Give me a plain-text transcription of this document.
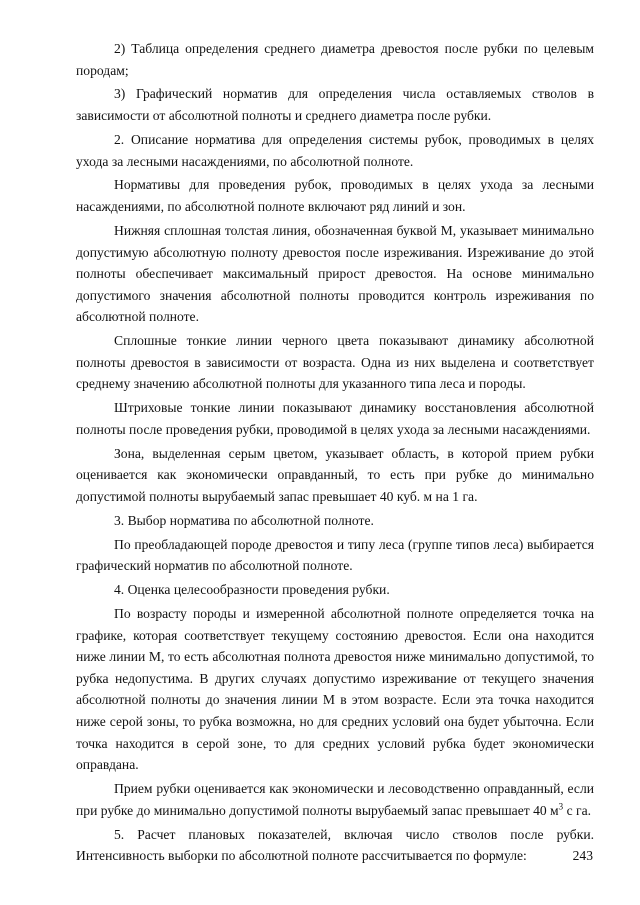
2) Таблица определения среднего диаметра древостоя после рубки по целевым породам;

3) Графический норматив для определения числа оставляемых стволов в зависимости от абсолютной полноты и среднего диаметра после рубки.

2. Описание норматива для определения системы рубок, проводимых в целях ухода за лесными насаждениями, по абсолютной полноте.

Нормативы для проведения рубок, проводимых в целях ухода за лесными насаждениями, по абсолютной полноте включают ряд линий и зон.

Нижняя сплошная толстая линия, обозначенная буквой М, указывает минимально допустимую абсолютную полноту древостоя после изреживания. Изреживание до этой полноты обеспечивает максимальный прирост древостоя. На основе минимально допустимого значения абсолютной полноты проводится контроль изреживания по абсолютной полноте.

Сплошные тонкие линии черного цвета показывают динамику абсолютной полноты древостоя в зависимости от возраста. Одна из них выделена и соответствует среднему значению абсолютной полноты для указанного типа леса и породы.

Штриховые тонкие линии показывают динамику восстановления абсолютной полноты после проведения рубки, проводимой в целях ухода за лесными насаждениями.

Зона, выделенная серым цветом, указывает область, в которой прием рубки оценивается как экономически оправданный, то есть при рубке до минимально допустимой полноты вырубаемый запас превышает 40 куб. м на 1 га.

3. Выбор норматива по абсолютной полноте.

По преобладающей породе древостоя и типу леса (группе типов леса) выбирается графический норматив по абсолютной полноте.

4. Оценка целесообразности проведения рубки.

По возрасту породы и измеренной абсолютной полноте определяется точка на графике, которая соответствует текущему состоянию древостоя. Если она находится ниже линии М, то есть абсолютная полнота древостоя ниже минимально допустимой, то рубка недопустима. В других случаях допустимо изреживание от текущего значения абсолютной полноты до значения линии М в этом возрасте. Если эта точка находится ниже серой зоны, то рубка возможна, но для средних условий она будет убыточна. Если точка находится в серой зоне, то для средних условий рубка будет экономически оправдана.

Прием рубки оценивается как экономически и лесоводственно оправданный, если при рубке до минимально допустимой полноты вырубаемый запас превышает 40 $м^3$ с га.

5. Расчет плановых показателей, включая число стволов после рубки. Интенсивность выборки по абсолютной полноте рассчитывается по формуле:	243
